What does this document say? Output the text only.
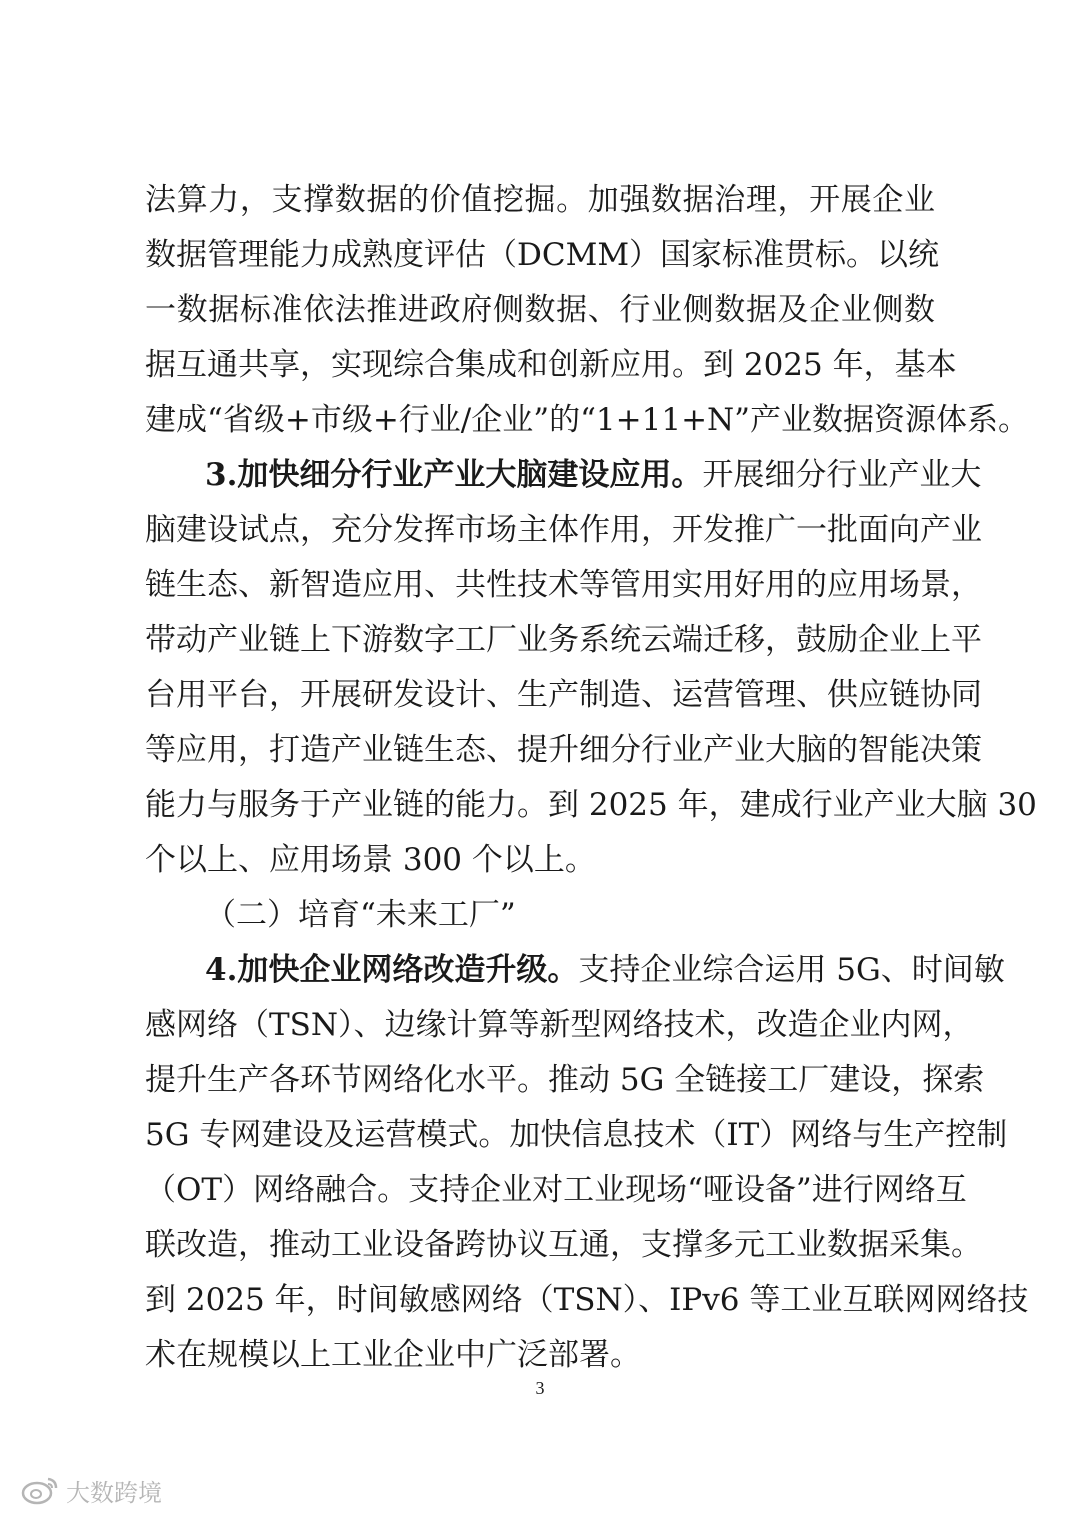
法算力，支撑数据的价值挖掘。加强数据治理，开展企业
数据管理能力成熟度评估（DCMM）国家标准贯标。以统
一数据标准依法推进政府侧数据、行业侧数据及企业侧数
据互通共享，实现综合集成和创新应用。到 2025 年，基本
建成“省级+市级+行业/企业”的“1+11+N”产业数据资源体系。
3.加快细分行业产业大脑建设应用。开展细分行业产业大
脑建设试点，充分发挥市场主体作用，开发推广一批面向产业
链生态、新智造应用、共性技术等管用实用好用的应用场景，
带动产业链上下游数字工厂业务系统云端迁移，鼓励企业上平
台用平台，开展研发设计、生产制造、运营管理、供应链协同
等应用，打造产业链生态、提升细分行业产业大脑的智能决策
能力与服务于产业链的能力。到 2025 年，建成行业产业大脑 30
个以上、应用场景 300 个以上。
（二）培育“未来工厂”
4.加快企业网络改造升级。支持企业综合运用 5G、时间敏
感网络（TSN）、边缘计算等新型网络技术，改造企业内网，
提升生产各环节网络化水平。推动 5G 全链接工厂建设，探索
5G 专网建设及运营模式。加快信息技术（IT）网络与生产控制
（OT）网络融合。支持企业对工业现场“哑设备”进行网络互
联改造，推动工业设备跨协议互通，支撑多元工业数据采集。
到 2025 年，时间敏感网络（TSN）、IPv6 等工业互联网网络技
术在规模以上工业企业中广泛部署。
3
大数跨境
